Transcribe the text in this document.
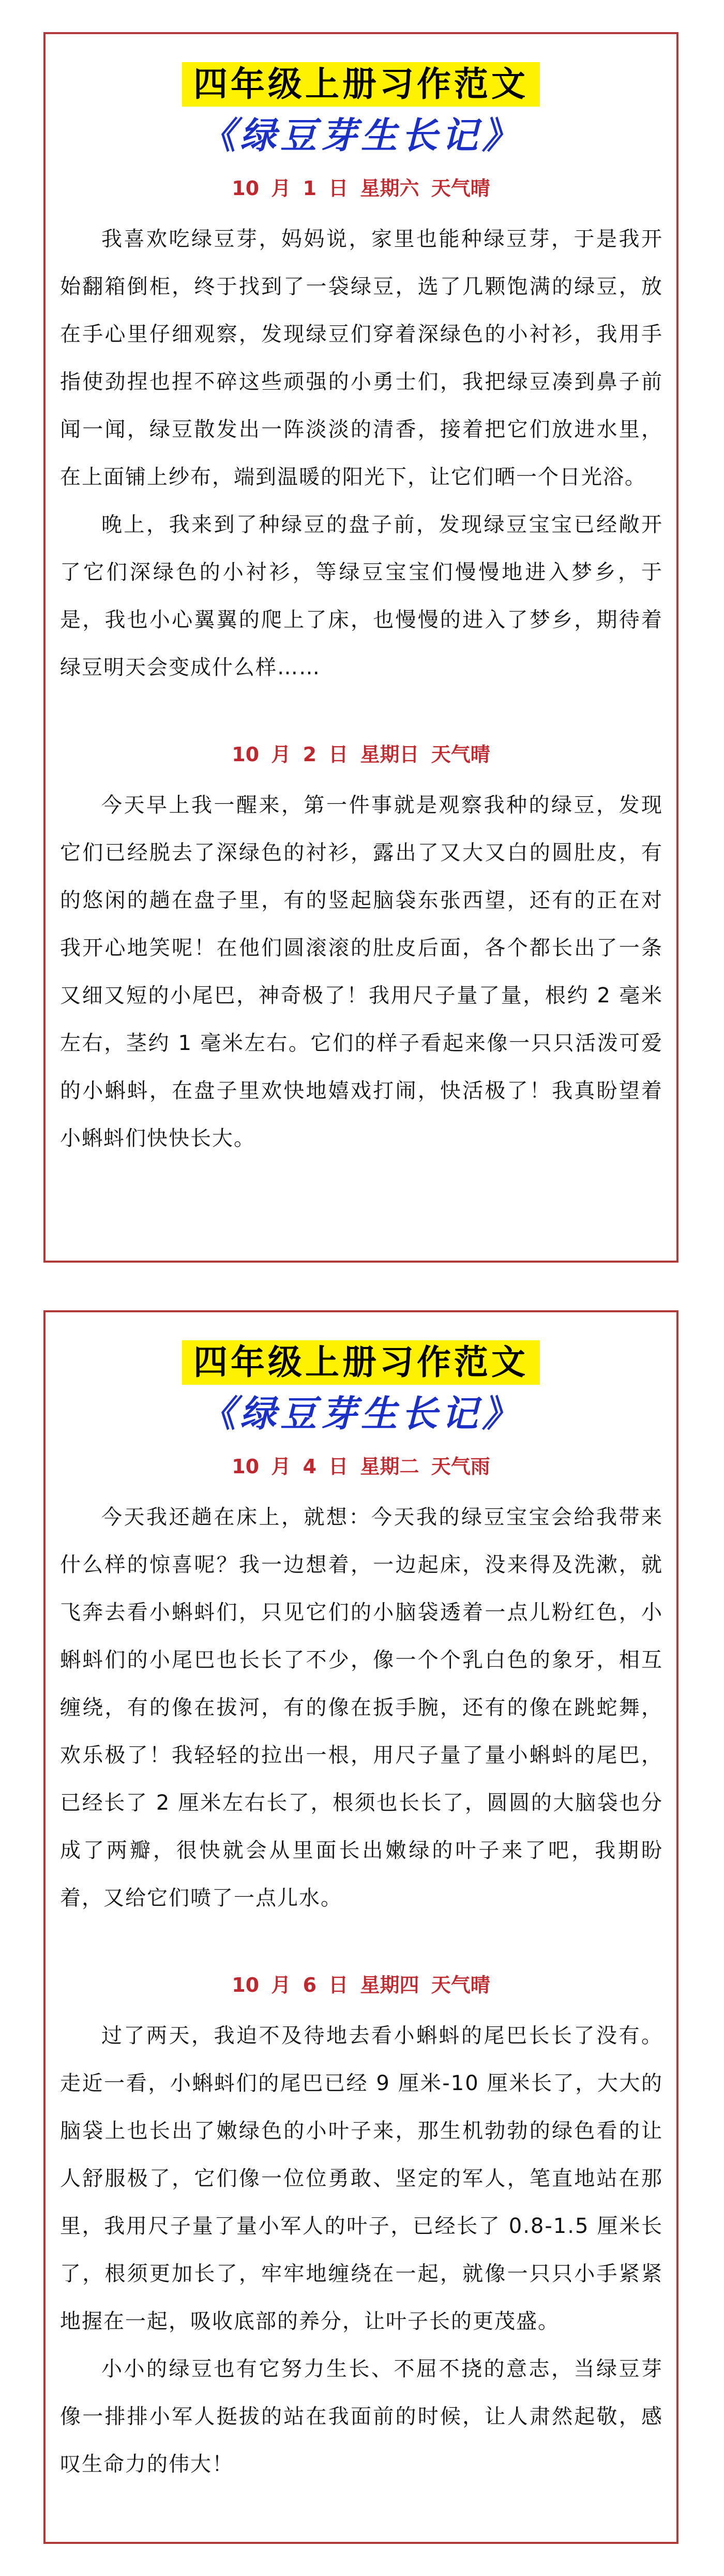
四年级上册习作范文
《绿豆芽生长记》
10 月 1 日 星期六 天气晴

我喜欢吃绿豆芽，妈妈说，家里也能种绿豆芽，于是我开始翻箱倒柜，终于找到了一袋绿豆，选了几颗饱满的绿豆，放在手心里仔细观察，发现绿豆们穿着深绿色的小衬衫，我用手指使劲捏也捏不碎这些顽强的小勇士们，我把绿豆凑到鼻子前闻一闻，绿豆散发出一阵淡淡的清香，接着把它们放进水里，在上面铺上纱布，端到温暖的阳光下，让它们晒一个日光浴。

晚上，我来到了种绿豆的盘子前，发现绿豆宝宝已经敞开了它们深绿色的小衬衫，等绿豆宝宝们慢慢地进入梦乡，于是，我也小心翼翼的爬上了床，也慢慢的进入了梦乡，期待着绿豆明天会变成什么样……

10 月 2 日 星期日 天气晴

今天早上我一醒来，第一件事就是观察我种的绿豆，发现它们已经脱去了深绿色的衬衫，露出了又大又白的圆肚皮，有的悠闲的趟在盘子里，有的竖起脑袋东张西望，还有的正在对我开心地笑呢！在他们圆滚滚的肚皮后面，各个都长出了一条又细又短的小尾巴，神奇极了！我用尺子量了量，根约 2 毫米左右，茎约 1 毫米左右。它们的样子看起来像一只只活泼可爱的小蝌蚪，在盘子里欢快地嬉戏打闹，快活极了！我真盼望着小蝌蚪们快快长大。

四年级上册习作范文
《绿豆芽生长记》
10 月 4 日 星期二 天气雨

今天我还趟在床上，就想：今天我的绿豆宝宝会给我带来什么样的惊喜呢？我一边想着，一边起床，没来得及洗漱，就飞奔去看小蝌蚪们，只见它们的小脑袋透着一点儿粉红色，小蝌蚪们的小尾巴也长长了不少，像一个个乳白色的象牙，相互缠绕，有的像在拔河，有的像在扳手腕，还有的像在跳蛇舞，欢乐极了！我轻轻的拉出一根，用尺子量了量小蝌蚪的尾巴，已经长了 2 厘米左右长了，根须也长长了，圆圆的大脑袋也分成了两瓣，很快就会从里面长出嫩绿的叶子来了吧，我期盼着，又给它们喷了一点儿水。

10 月 6 日 星期四 天气晴

过了两天，我迫不及待地去看小蝌蚪的尾巴长长了没有。走近一看，小蝌蚪们的尾巴已经 9 厘米-10 厘米长了，大大的脑袋上也长出了嫩绿色的小叶子来，那生机勃勃的绿色看的让人舒服极了，它们像一位位勇敢、坚定的军人，笔直地站在那里，我用尺子量了量小军人的叶子，已经长了 0.8-1.5 厘米长了，根须更加长了，牢牢地缠绕在一起，就像一只只小手紧紧地握在一起，吸收底部的养分，让叶子长的更茂盛。

小小的绿豆也有它努力生长、不屈不挠的意志，当绿豆芽像一排排小军人挺拔的站在我面前的时候，让人肃然起敬，感叹生命力的伟大！
